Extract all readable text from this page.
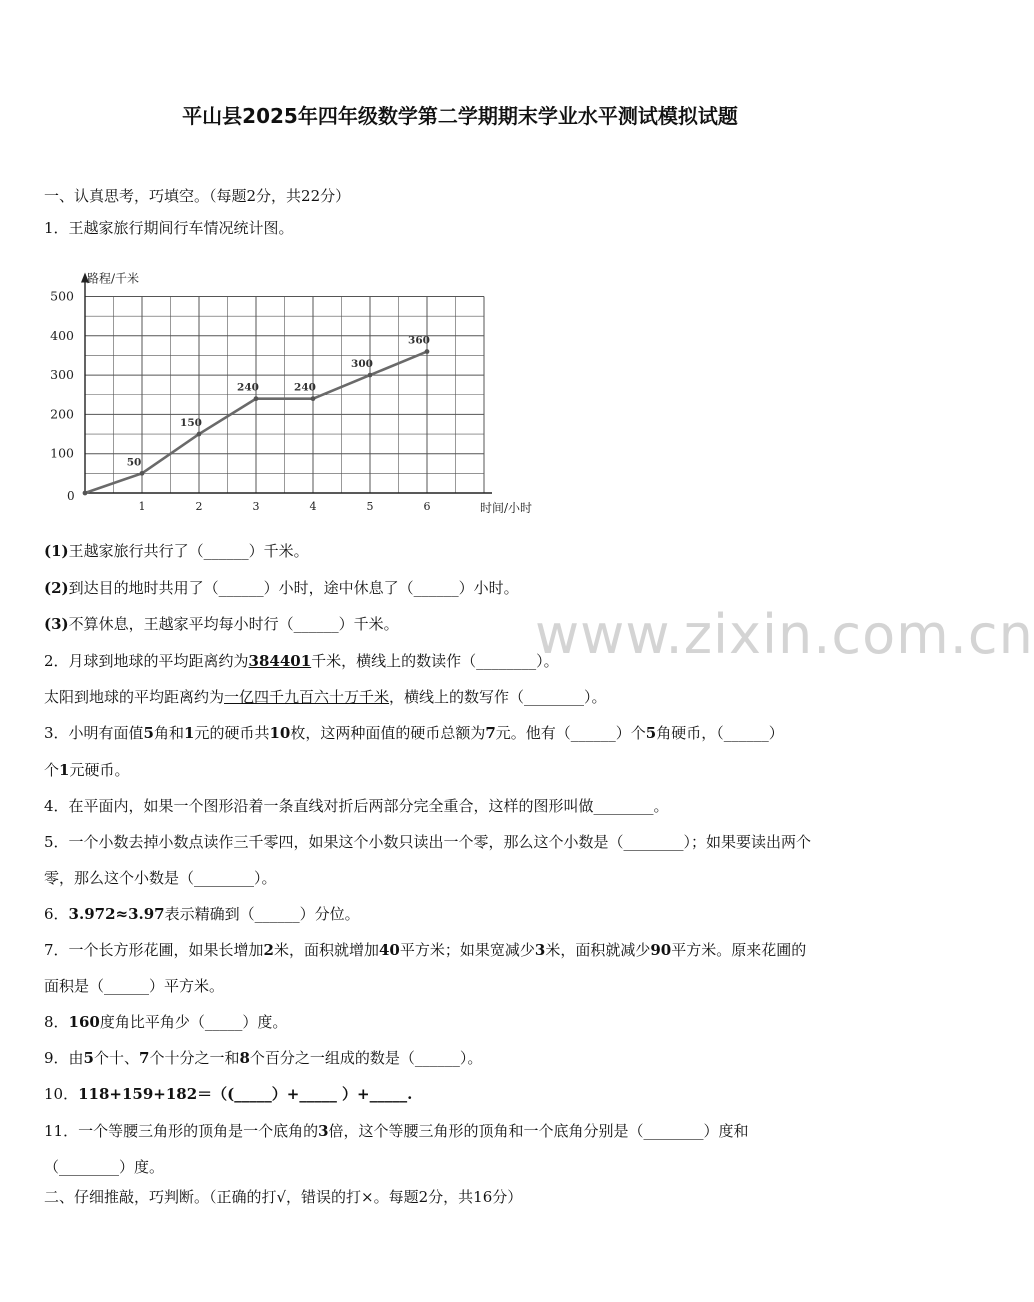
平山县2025年四年级数学第二学期期末学业水平测试模拟试题
一、认真思考，巧填空。（每题2分，共22分）
1．王越家旅行期间行车情况统计图。
路程/千米
时间/小时
0
1	2	3	4	5	6
100
200
300
400
500
50
150
240	240
300
360
(1)王越家旅行共行了（______）千米。
(2)到达目的地时共用了（______）小时，途中休息了（______）小时。
(3)不算休息，王越家平均每小时行（______）千米。
2．月球到地球的平均距离约为384401千米，横线上的数读作（________）。
太阳到地球的平均距离约为一亿四千九百六十万千米，横线上的数写作（________）。
3．小明有面值5角和1元的硬币共10枚，这两种面值的硬币总额为7元。他有（______）个5角硬币，（______）
个1元硬币。
4．在平面内，如果一个图形沿着一条直线对折后两部分完全重合，这样的图形叫做________。
5．一个小数去掉小数点读作三千零四，如果这个小数只读出一个零，那么这个小数是（________）；如果要读出两个
零，那么这个小数是（________）。
6．3.972≈3.97表示精确到（______）分位。
7．一个长方形花圃，如果长增加2米，面积就增加40平方米；如果宽减少3米，面积就减少90平方米。原来花圃的
面积是（______）平方米。
8．160度角比平角少（_____）度。
9．由5个十、7个十分之一和8个百分之一组成的数是（______）。
10．118+159+182＝（(_____）+_____ ）+_____.
11．一个等腰三角形的顶角是一个底角的3倍，这个等腰三角形的顶角和一个底角分别是（________）度和
（________）度。
二、仔细推敲，巧判断。（正确的打√，错误的打×。每题2分，共16分）
www.zixin.com.cn
